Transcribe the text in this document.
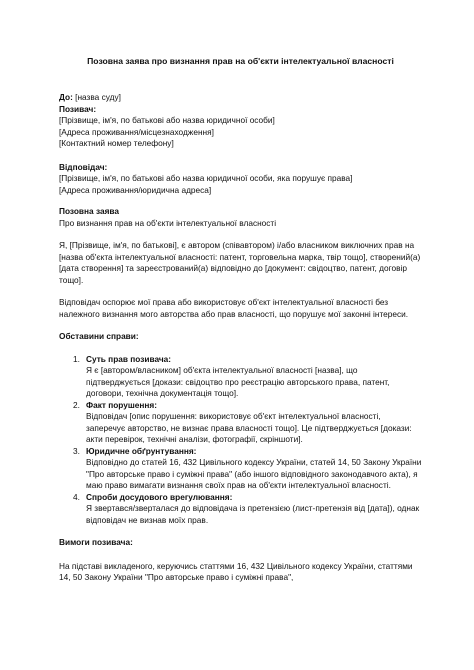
Позовна заява про визнання прав на об'єкти інтелектуальної власності

До: [назва суду]

Позивач:

[Прізвище, ім'я, по батькові або назва юридичної особи]

[Адреса проживання/місцезнаходження]

[Контактний номер телефону]

Відповідач:

[Прізвище, ім'я, по батькові або назва юридичної особи, яка порушує права]

[Адреса проживання/юридична адреса]

Позовна заява

Про визнання прав на об'єкти інтелектуальної власності

Я, [Прізвище, ім'я, по батькові], є автором (співавтором) і/або власником виключних прав на [назва об'єкта інтелектуальної власності: патент, торговельна марка, твір тощо], створений(а) [дата створення] та зареєстрований(а) відповідно до [документ: свідоцтво, патент, договір тощо].

Відповідач оспорює мої права або використовує об'єкт інтелектуальної власності без належного визнання мого авторства або прав власності, що порушує мої законні інтереси.

Обставини справи:

1. Суть прав позивача:
Я є [автором/власником] об'єкта інтелектуальної власності [назва], що підтверджується [докази: свідоцтво про реєстрацію авторського права, патент, договори, технічна документація тощо].
2. Факт порушення:
Відповідач [опис порушення: використовує об'єкт інтелектуальної власності, заперечує авторство, не визнає права власності тощо]. Це підтверджується [докази: акти перевірок, технічні аналізи, фотографії, скріншоти].
3. Юридичне обґрунтування:
Відповідно до статей 16, 432 Цивільного кодексу України, статей 14, 50 Закону України "Про авторське право і суміжні права" (або іншого відповідного законодавчого акта), я маю право вимагати визнання своїх прав на об'єкти інтелектуальної власності.
4. Спроби досудового врегулювання:
Я звертався/зверталася до відповідача із претензією (лист-претензія від [дата]), однак відповідач не визнав моїх прав.

Вимоги позивача:

На підставі викладеного, керуючись статтями 16, 432 Цивільного кодексу України, статтями 14, 50 Закону України "Про авторське право і суміжні права",
